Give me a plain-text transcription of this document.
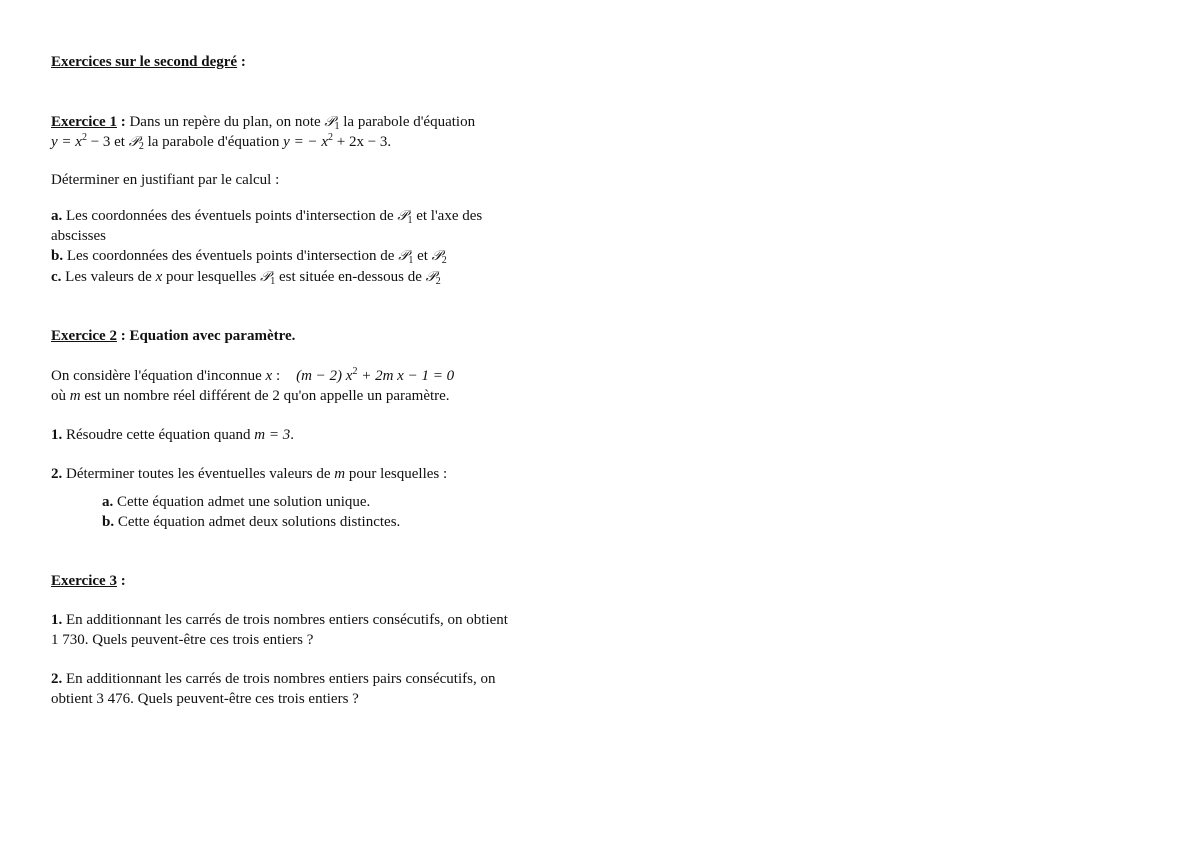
Exercices sur le second degré :
Exercice 1 : Dans un repère du plan, on note 𝒫$_1$ la parabole d'équation
$y = x^2 - 3$ et 𝒫$_2$ la parabole d'équation y = − $x^2 + 2x - 3$.
Déterminer en justifiant par le calcul :
a. Les coordonnées des éventuels points d'intersection de 𝒫$_1$ et l'axe des
abscisses
b. Les coordonnées des éventuels points d'intersection de 𝒫$_1$ et 𝒫$_2$
c. Les valeurs de x pour lesquelles 𝒫$_1$ est située en-dessous de 𝒫$_2$
Exercice 2 : Equation avec paramètre.
On considère l'équation d'inconnue x : (m − 2) $x^2 + 2m$ x − 1 = 0
où m est un nombre réel différent de 2 qu'on appelle un paramètre.
1. Résoudre cette équation quand m = 3.
2. Déterminer toutes les éventuelles valeurs de m pour lesquelles :
a. Cette équation admet une solution unique.
b. Cette équation admet deux solutions distinctes.
Exercice 3 :
1. En additionnant les carrés de trois nombres entiers consécutifs, on obtient
1 730. Quels peuvent-être ces trois entiers ?
2. En additionnant les carrés de trois nombres entiers pairs consécutifs, on
obtient 3 476. Quels peuvent-être ces trois entiers ?
